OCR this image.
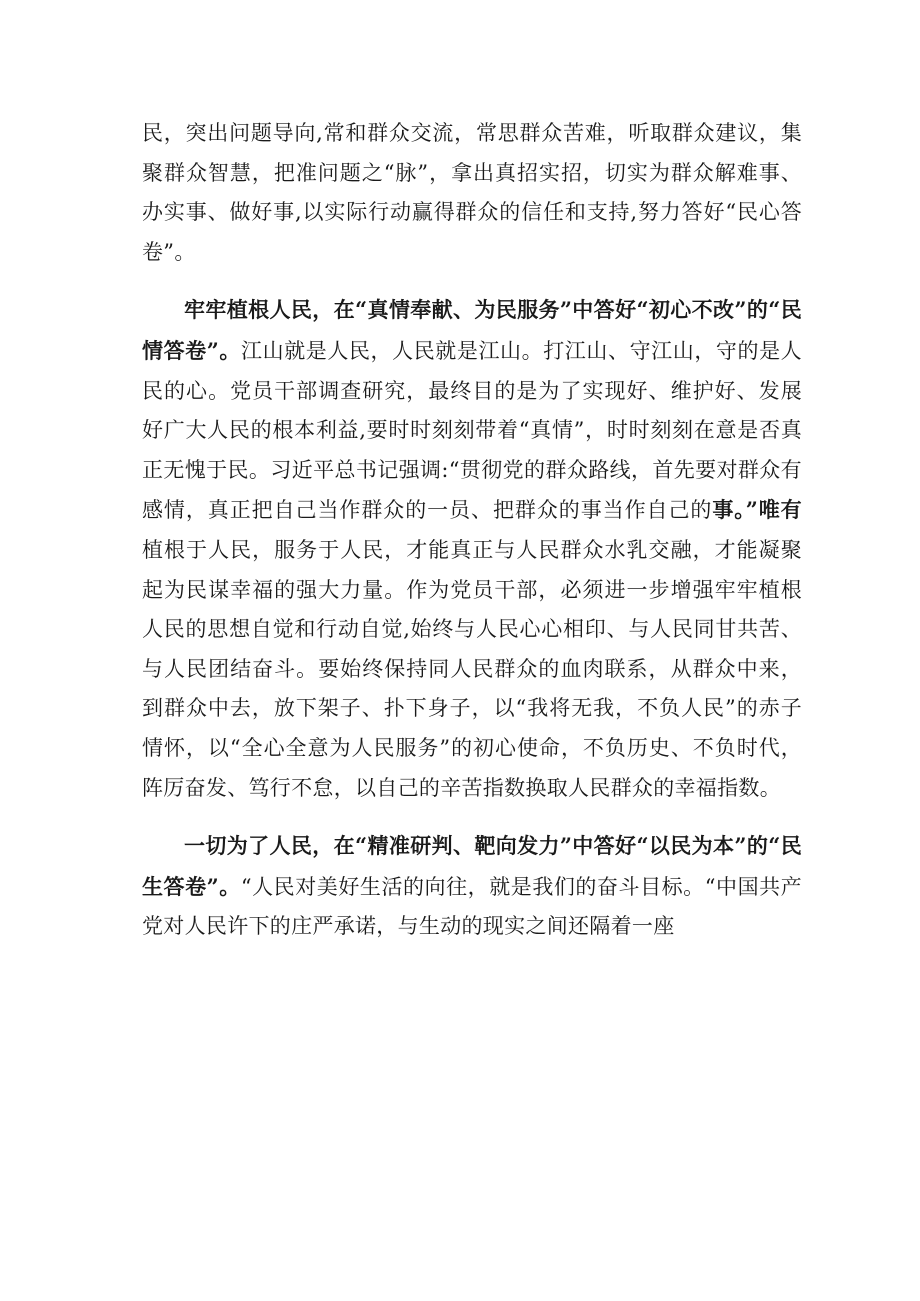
民，突出问题导向,常和群众交流，常思群众苦难，听取群众建议，集聚群众智慧，把准问题之“脉”，拿出真招实招，切实为群众解难事、办实事、做好事,以实际行动赢得群众的信任和支持,努力答好“民心答卷”。

牢牢植根人民，在“真情奉献、为民服务”中答好“初心不改”的“民情答卷”。江山就是人民，人民就是江山。打江山、守江山，守的是人民的心。党员干部调查研究，最终目的是为了实现好、维护好、发展好广大人民的根本利益,要时时刻刻带着“真情”，时时刻刻在意是否真正无愧于民。习近平总书记强调:“贯彻党的群众路线，首先要对群众有感情，真正把自己当作群众的一员、把群众的事当作自己的事。”唯有植根于人民，服务于人民，才能真正与人民群众水乳交融，才能凝聚起为民谋幸福的强大力量。作为党员干部，必须进一步增强牢牢植根人民的思想自觉和行动自觉,始终与人民心心相印、与人民同甘共苦、与人民团结奋斗。要始终保持同人民群众的血肉联系，从群众中来，到群众中去，放下架子、扑下身子，以“我将无我，不负人民”的赤子情怀，以“全心全意为人民服务”的初心使命，不负历史、不负时代，阵厉奋发、笃行不怠，以自己的辛苦指数换取人民群众的幸福指数。

一切为了人民，在“精准研判、靶向发力”中答好“以民为本”的“民生答卷”。“人民对美好生活的向往，就是我们的奋斗目标。“中国共产党对人民许下的庄严承诺，与生动的现实之间还隔着一座
